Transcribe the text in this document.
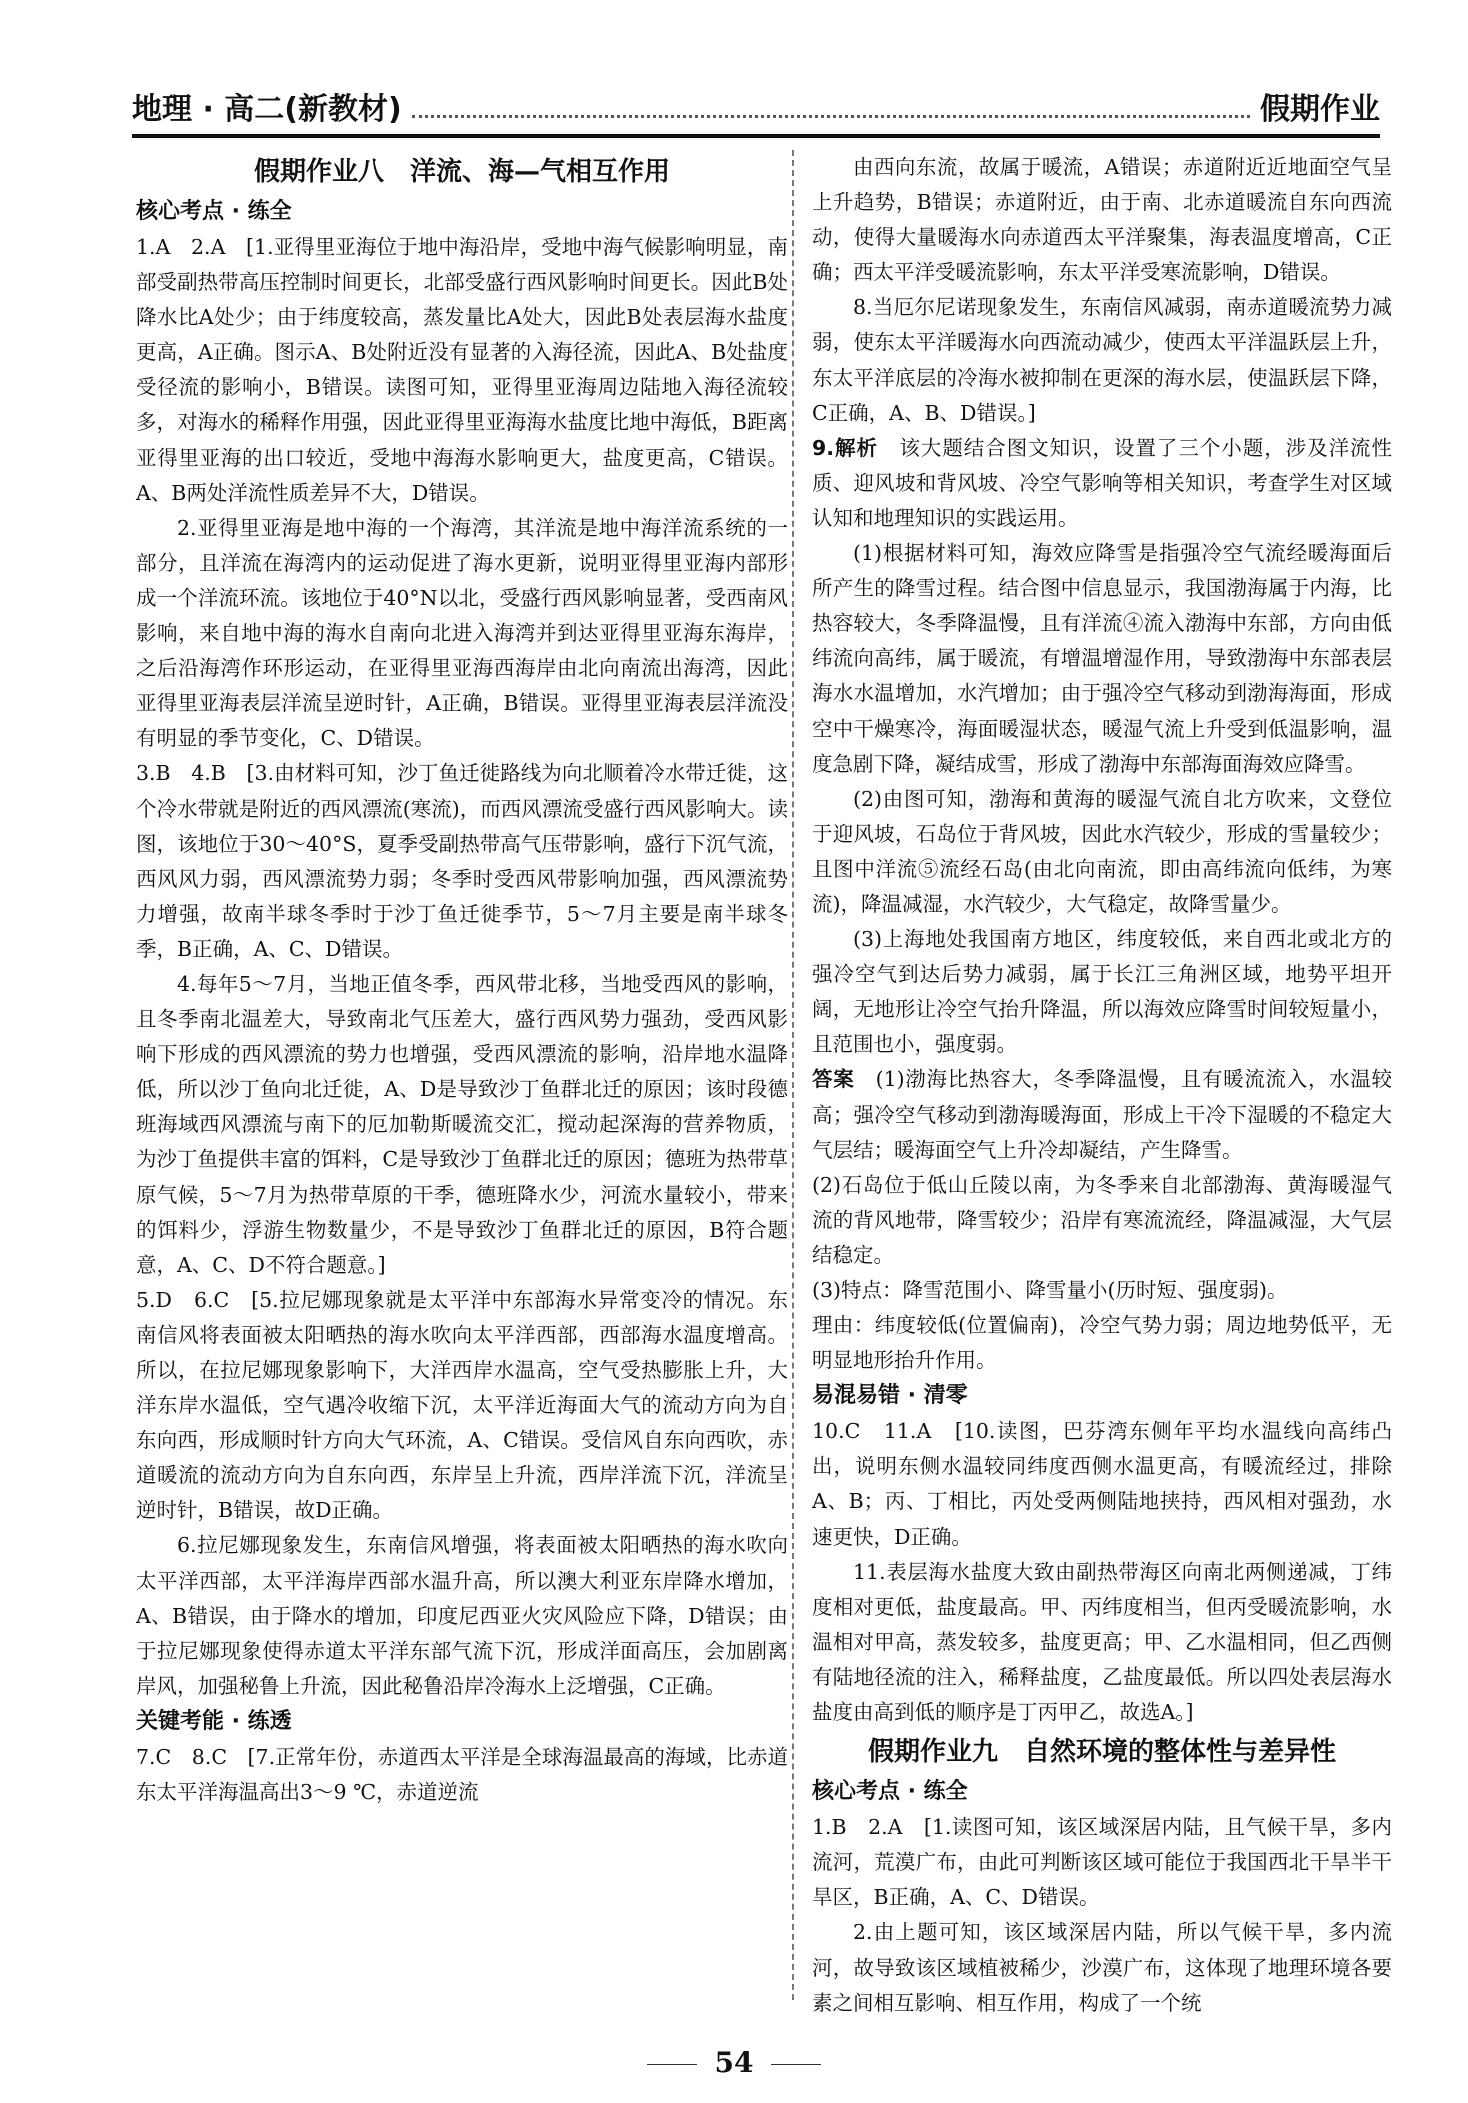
地理 · 高二(新教材)	假期作业
假期作业八　洋流、海—气相互作用
核心考点 · 练全

1.A　2.A　[1.亚得里亚海位于地中海沿岸，受地中海气候影响明显，南部受副热带高压控制时间更长，北部受盛行西风影响时间更长。因此B处降水比A处少；由于纬度较高，蒸发量比A处大，因此B处表层海水盐度更高，A正确。图示A、B处附近没有显著的入海径流，因此A、B处盐度受径流的影响小，B错误。读图可知，亚得里亚海周边陆地入海径流较多，对海水的稀释作用强，因此亚得里亚海海水盐度比地中海低，B距离亚得里亚海的出口较近，受地中海海水影响更大，盐度更高，C错误。A、B两处洋流性质差异不大，D错误。

2.亚得里亚海是地中海的一个海湾，其洋流是地中海洋流系统的一部分，且洋流在海湾内的运动促进了海水更新，说明亚得里亚海内部形成一个洋流环流。该地位于40°N以北，受盛行西风影响显著，受西南风影响，来自地中海的海水自南向北进入海湾并到达亚得里亚海东海岸，之后沿海湾作环形运动，在亚得里亚海西海岸由北向南流出海湾，因此亚得里亚海表层洋流呈逆时针，A正确，B错误。亚得里亚海表层洋流没有明显的季节变化，C、D错误。

3.B　4.B　[3.由材料可知，沙丁鱼迁徙路线为向北顺着冷水带迁徙，这个冷水带就是附近的西风漂流(寒流)，而西风漂流受盛行西风影响大。读图，该地位于30～40°S，夏季受副热带高气压带影响，盛行下沉气流，西风风力弱，西风漂流势力弱；冬季时受西风带影响加强，西风漂流势力增强，故南半球冬季时于沙丁鱼迁徙季节，5～7月主要是南半球冬季，B正确，A、C、D错误。

4.每年5～7月，当地正值冬季，西风带北移，当地受西风的影响，且冬季南北温差大，导致南北气压差大，盛行西风势力强劲，受西风影响下形成的西风漂流的势力也增强，受西风漂流的影响，沿岸地水温降低，所以沙丁鱼向北迁徙，A、D是导致沙丁鱼群北迁的原因；该时段德班海域西风漂流与南下的厄加勒斯暖流交汇，搅动起深海的营养物质，为沙丁鱼提供丰富的饵料，C是导致沙丁鱼群北迁的原因；德班为热带草原气候，5～7月为热带草原的干季，德班降水少，河流水量较小，带来的饵料少，浮游生物数量少，不是导致沙丁鱼群北迁的原因，B符合题意，A、C、D不符合题意。]

5.D　6.C　[5.拉尼娜现象就是太平洋中东部海水异常变冷的情况。东南信风将表面被太阳晒热的海水吹向太平洋西部，西部海水温度增高。所以，在拉尼娜现象影响下，大洋西岸水温高，空气受热膨胀上升，大洋东岸水温低，空气遇冷收缩下沉，太平洋近海面大气的流动方向为自东向西，形成顺时针方向大气环流，A、C错误。受信风自东向西吹，赤道暖流的流动方向为自东向西，东岸呈上升流，西岸洋流下沉，洋流呈逆时针，B错误，故D正确。

6.拉尼娜现象发生，东南信风增强，将表面被太阳晒热的海水吹向太平洋西部，太平洋海岸西部水温升高，所以澳大利亚东岸降水增加，A、B错误，由于降水的增加，印度尼西亚火灾风险应下降，D错误；由于拉尼娜现象使得赤道太平洋东部气流下沉，形成洋面高压，会加剧离岸风，加强秘鲁上升流，因此秘鲁沿岸冷海水上泛增强，C正确。

关键考能 · 练透

7.C　8.C　[7.正常年份，赤道西太平洋是全球海温最高的海域，比赤道东太平洋海温高出3～9 ℃，赤道逆流

由西向东流，故属于暖流，A错误；赤道附近近地面空气呈上升趋势，B错误；赤道附近，由于南、北赤道暖流自东向西流动，使得大量暖海水向赤道西太平洋聚集，海表温度增高，C正确；西太平洋受暖流影响，东太平洋受寒流影响，D错误。

8.当厄尔尼诺现象发生，东南信风减弱，南赤道暖流势力减弱，使东太平洋暖海水向西流动减少，使西太平洋温跃层上升，东太平洋底层的冷海水被抑制在更深的海水层，使温跃层下降，C正确，A、B、D错误。]

9.解析　 该大题结合图文知识，设置了三个小题，涉及洋流性质、迎风坡和背风坡、冷空气影响等相关知识，考查学生对区域认知和地理知识的实践运用。

(1)根据材料可知，海效应降雪是指强冷空气流经暖海面后所产生的降雪过程。结合图中信息显示，我国渤海属于内海，比热容较大，冬季降温慢，且有洋流④流入渤海中东部，方向由低纬流向高纬，属于暖流，有增温增湿作用，导致渤海中东部表层海水水温增加，水汽增加；由于强冷空气移动到渤海海面，形成空中干燥寒冷，海面暖湿状态，暖湿气流上升受到低温影响，温度急剧下降，凝结成雪，形成了渤海中东部海面海效应降雪。

(2)由图可知，渤海和黄海的暖湿气流自北方吹来，文登位于迎风坡，石岛位于背风坡，因此水汽较少，形成的雪量较少；且图中洋流⑤流经石岛(由北向南流，即由高纬流向低纬，为寒流)，降温减湿，水汽较少，大气稳定，故降雪量少。

(3)上海地处我国南方地区，纬度较低，来自西北或北方的强冷空气到达后势力减弱，属于长江三角洲区域，地势平坦开阔，无地形让冷空气抬升降温，所以海效应降雪时间较短量小，且范围也小，强度弱。

答案　 (1)渤海比热容大，冬季降温慢，且有暖流流入，水温较高；强冷空气移动到渤海暖海面，形成上干冷下湿暖的不稳定大气层结；暖海面空气上升冷却凝结，产生降雪。

(2)石岛位于低山丘陵以南，为冬季来自北部渤海、黄海暖湿气流的背风地带，降雪较少；沿岸有寒流流经，降温减湿，大气层结稳定。

(3)特点：降雪范围小、降雪量小(历时短、强度弱)。

理由：纬度较低(位置偏南)，冷空气势力弱；周边地势低平，无明显地形抬升作用。

易混易错 · 清零

10.C　11.A　[10.读图，巴芬湾东侧年平均水温线向高纬凸出，说明东侧水温较同纬度西侧水温更高，有暖流经过，排除A、B；丙、丁相比，丙处受两侧陆地挟持，西风相对强劲，水速更快，D正确。

11.表层海水盐度大致由副热带海区向南北两侧递减，丁纬度相对更低，盐度最高。甲、丙纬度相当，但丙受暖流影响，水温相对甲高，蒸发较多，盐度更高；甲、乙水温相同，但乙西侧有陆地径流的注入，稀释盐度，乙盐度最低。所以四处表层海水盐度由高到低的顺序是丁丙甲乙，故选A。]

假期作业九　自然环境的整体性与差异性
核心考点 · 练全

1.B　2.A　[1.读图可知，该区域深居内陆，且气候干旱，多内流河，荒漠广布，由此可判断该区域可能位于我国西北干旱半干旱区，B正确，A、C、D错误。

2.由上题可知，该区域深居内陆，所以气候干旱，多内流河，故导致该区域植被稀少，沙漠广布，这体现了地理环境各要素之间相互影响、相互作用，构成了一个统

54
